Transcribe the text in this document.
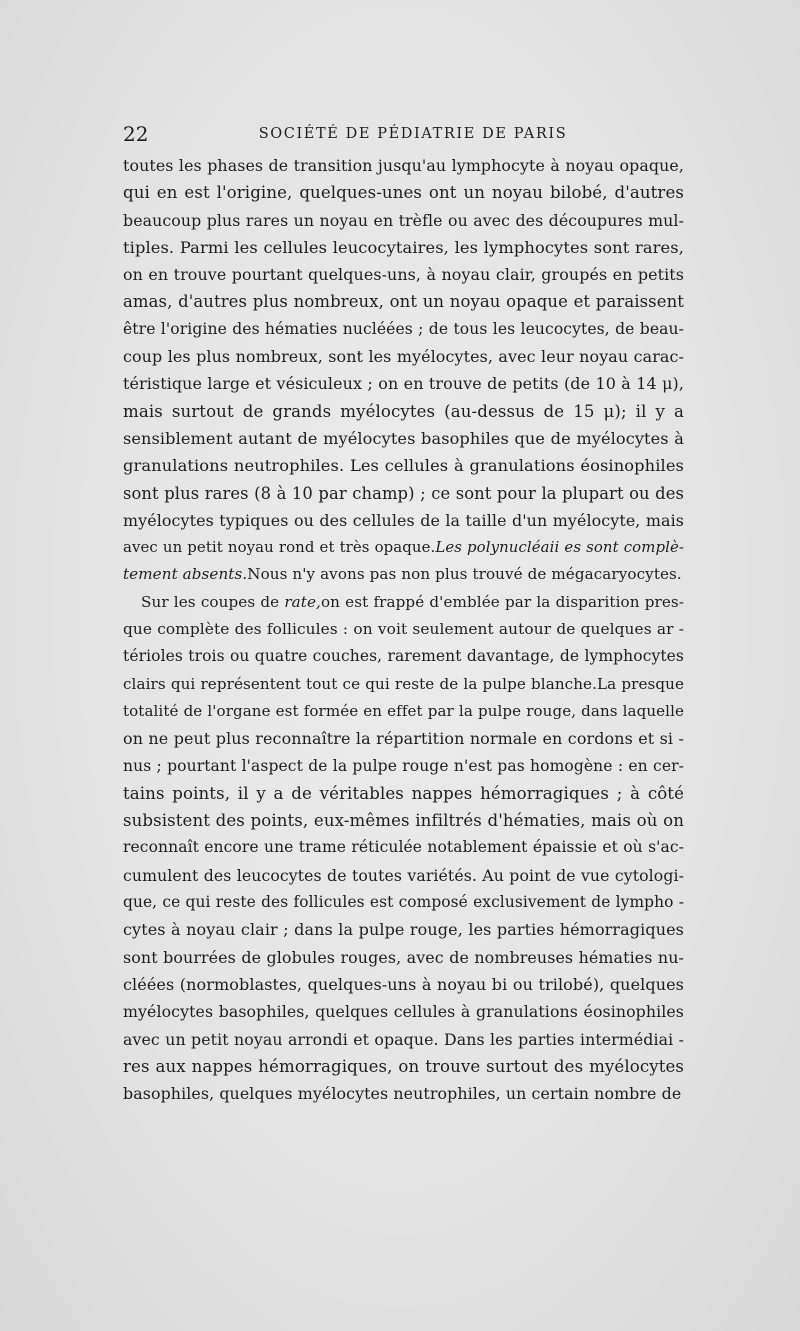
22	SOCIÉTÉ DE PÉDIATRIE DE PARIS
toutes les phases de transition jusqu'au lymphocyte à noyau opaque,
qui en est l'origine, quelques-unes ont un noyau bilobé, d'autres
beaucoup plus rares un noyau en trèfle ou avec des découpures mul-
tiples. Parmi les cellules leucocytaires, les lymphocytes sont rares,
on en trouve pourtant quelques-uns, à noyau clair, groupés en petits
amas, d'autres plus nombreux, ont un noyau opaque et paraissent
être l'origine des hématies nucléées ; de tous les leucocytes, de beau-
coup les plus nombreux, sont les myélocytes, avec leur noyau carac-
téristique large et vésiculeux ; on en trouve de petits (de 10 à 14 μ),
mais surtout de grands myélocytes (au-dessus de 15 μ); il y a
sensiblement autant de myélocytes basophiles que de myélocytes à
granulations neutrophiles. Les cellules à granulations éosinophiles
sont plus rares (8 à 10 par champ) ; ce sont pour la plupart ou des
myélocytes typiques ou des cellules de la taille d'un myélocyte, mais
avec un petit noyau rond et très opaque.Les polynucléaii es sont complè-
tement absents.Nous n'y avons pas non plus trouvé de mégacaryocytes.
Sur les coupes de rate,on est frappé d'emblée par la disparition pres-
que complète des follicules : on voit seulement autour de quelques ar -
térioles trois ou quatre couches, rarement davantage, de lymphocytes
clairs qui représentent tout ce qui reste de la pulpe blanche.La presque
totalité de l'organe est formée en effet par la pulpe rouge, dans laquelle
on ne peut plus reconnaître la répartition normale en cordons et si -
nus ; pourtant l'aspect de la pulpe rouge n'est pas homogène : en cer-
tains points, il y a de véritables nappes hémorragiques ; à côté
subsistent des points, eux-mêmes infiltrés d'hématies, mais où on
reconnaît encore une trame réticulée notablement épaissie et où s'ac-
cumulent des leucocytes de toutes variétés. Au point de vue cytologi-
que, ce qui reste des follicules est composé exclusivement de lympho -
cytes à noyau clair ; dans la pulpe rouge, les parties hémorragiques
sont bourrées de globules rouges, avec de nombreuses hématies nu-
cléées (normoblastes, quelques-uns à noyau bi ou trilobé), quelques
myélocytes basophiles, quelques cellules à granulations éosinophiles
avec un petit noyau arrondi et opaque. Dans les parties intermédiai -
res aux nappes hémorragiques, on trouve surtout des myélocytes
basophiles, quelques myélocytes neutrophiles, un certain nombre de
